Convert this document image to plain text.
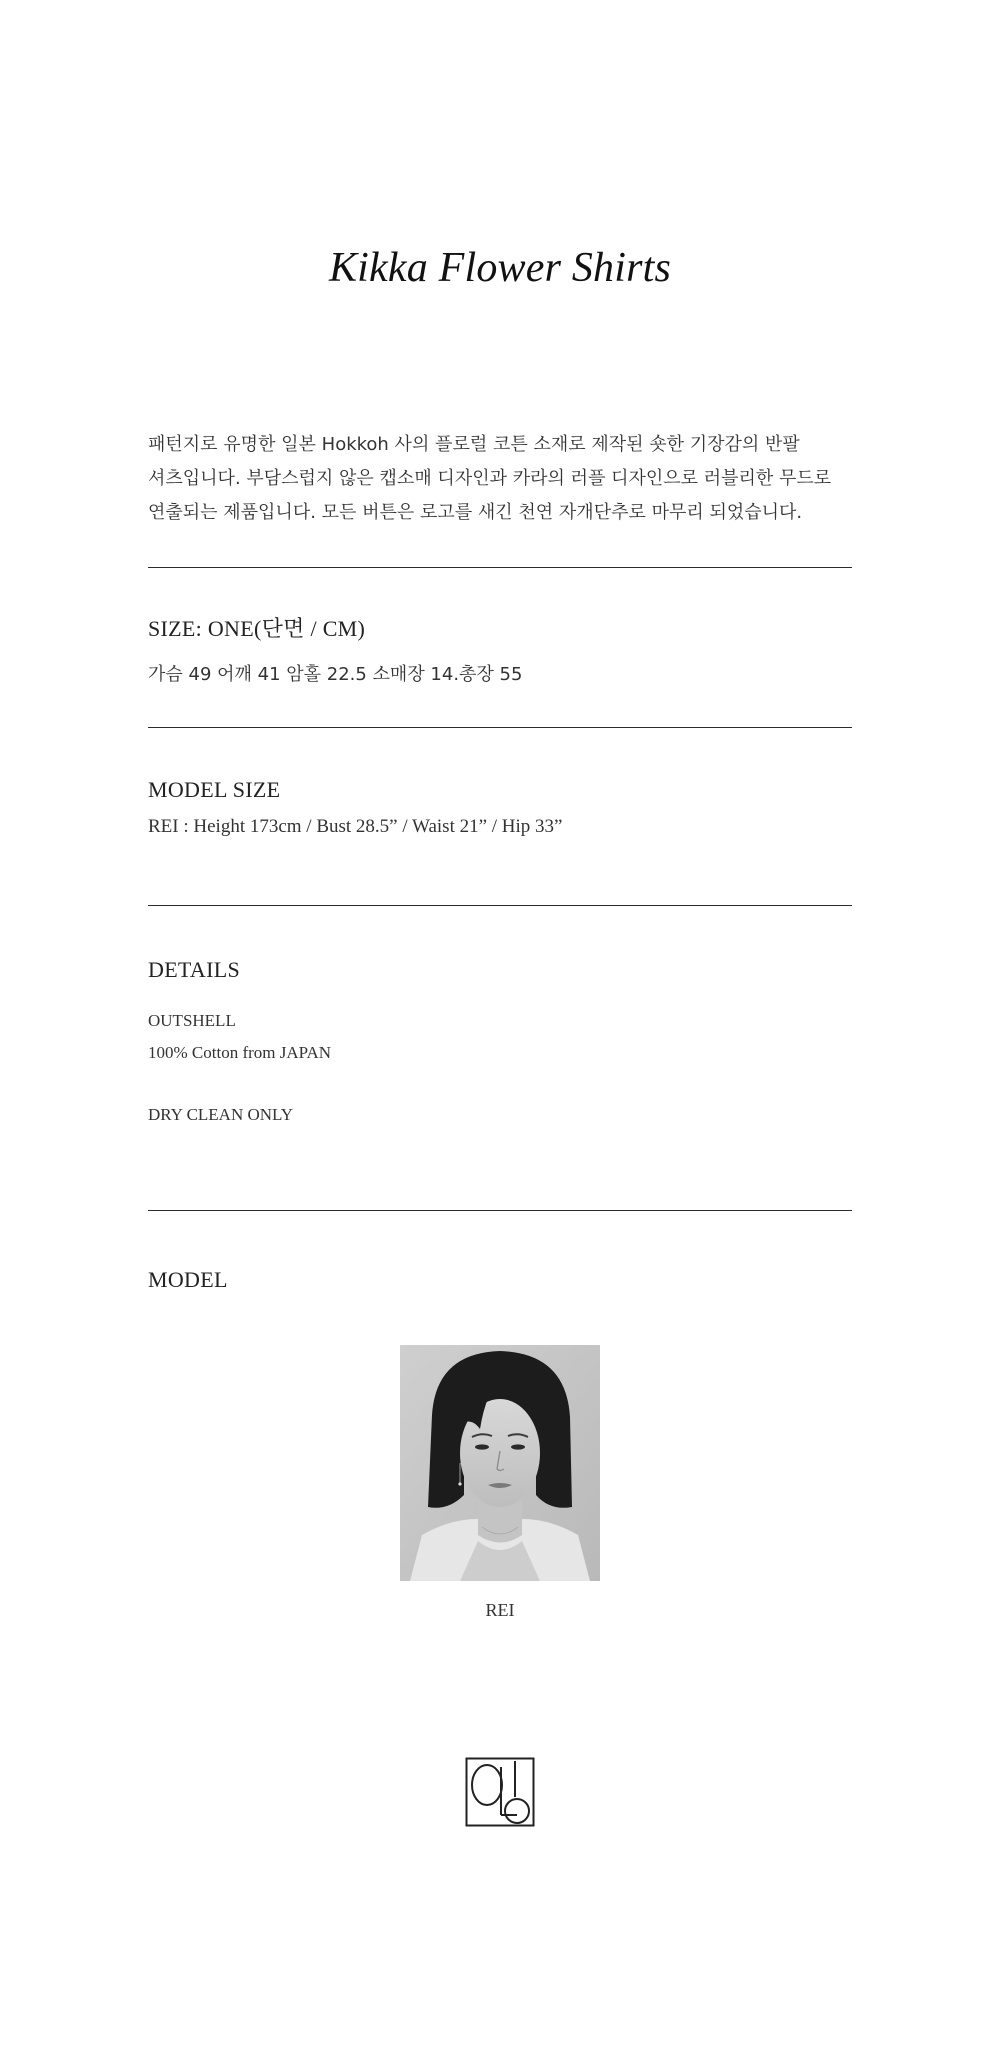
Kikka Flower Shirts
패턴지로 유명한 일본 Hokkoh 사의 플로럴 코튼 소재로 제작된 숏한 기장감의 반팔
셔츠입니다. 부담스럽지 않은 캡소매 디자인과 카라의 러플 디자인으로 러블리한 무드로
연출되는 제품입니다. 모든 버튼은 로고를 새긴 천연 자개단추로 마무리 되었습니다.
SIZE: ONE(단면 / CM)
가슴 49 어깨 41 암홀 22.5 소매장 14.총장 55
MODEL SIZE
REI : Height 173cm / Bust 28.5” / Waist 21” / Hip 33”
DETAILS
OUTSHELL
100% Cotton from JAPAN
DRY CLEAN ONLY
MODEL
REI
